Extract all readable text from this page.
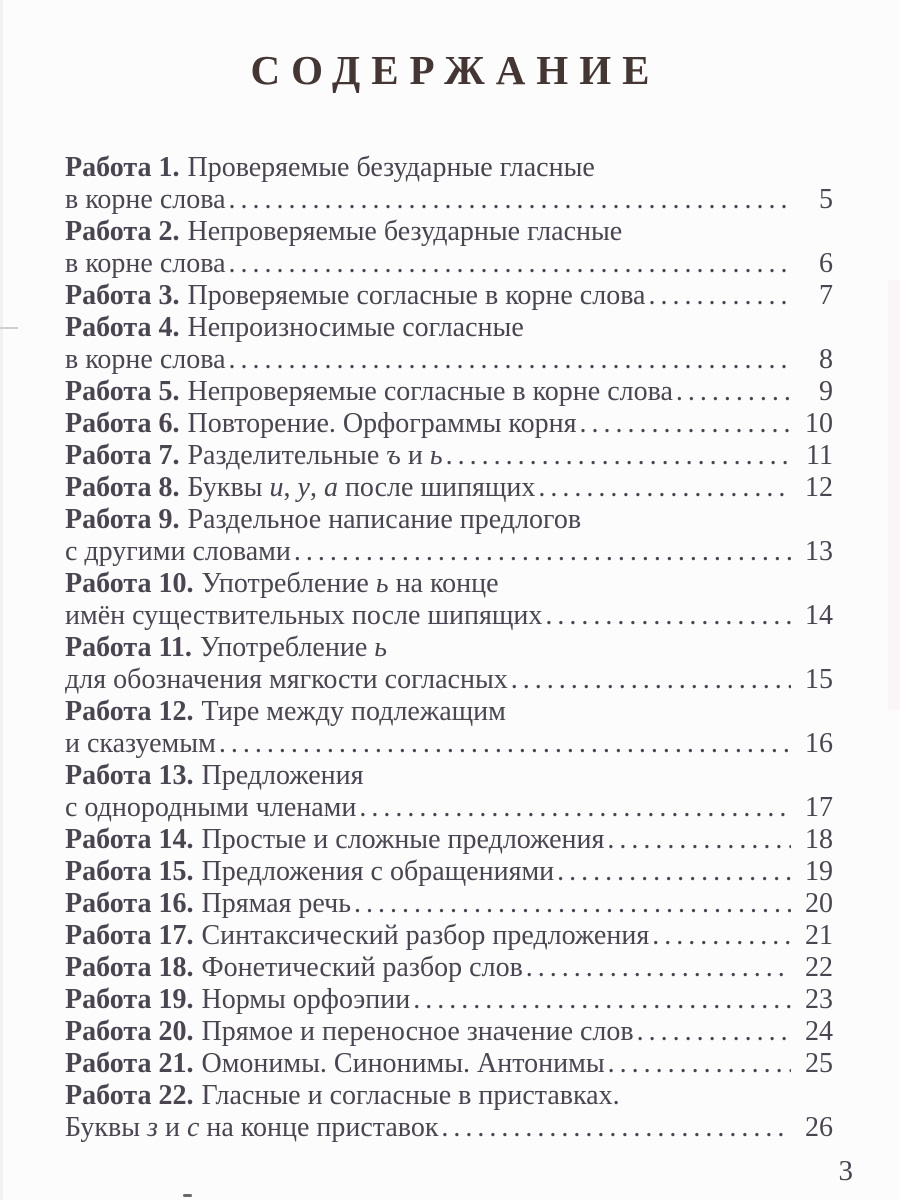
СОДЕРЖАНИЕ
Работа 1. Проверяемые безударные гласные
в корне слова .....	5
Работа 2. Непроверяемые безударные гласные
в корне слова .....	6
Работа 3. Проверяемые согласные в корне слова .....	7
Работа 4. Непроизносимые согласные
в корне слова .....	8
Работа 5. Непроверяемые согласные в корне слова .....	9
Работа 6. Повторение. Орфограммы корня .....	10
Работа 7. Разделительные ъ и ь .....	11
Работа 8. Буквы и, у, а после шипящих .....	12
Работа 9. Раздельное написание предлогов
с другими словами .....	13
Работа 10. Употребление ь на конце
имён существительных после шипящих .....	14
Работа 11. Употребление ь
для обозначения мягкости согласных .....	15
Работа 12. Тире между подлежащим
и сказуемым .....	16
Работа 13. Предложения
с однородными членами .....	17
Работа 14. Простые и сложные предложения .....	18
Работа 15. Предложения с обращениями .....	19
Работа 16. Прямая речь .....	20
Работа 17. Синтаксический разбор предложения .....	21
Работа 18. Фонетический разбор слов .....	22
Работа 19. Нормы орфоэпии .....	23
Работа 20. Прямое и переносное значение слов .....	24
Работа 21. Омонимы. Синонимы. Антонимы .....	25
Работа 22. Гласные и согласные в приставках.
Буквы з и с на конце приставок .....	26
3
